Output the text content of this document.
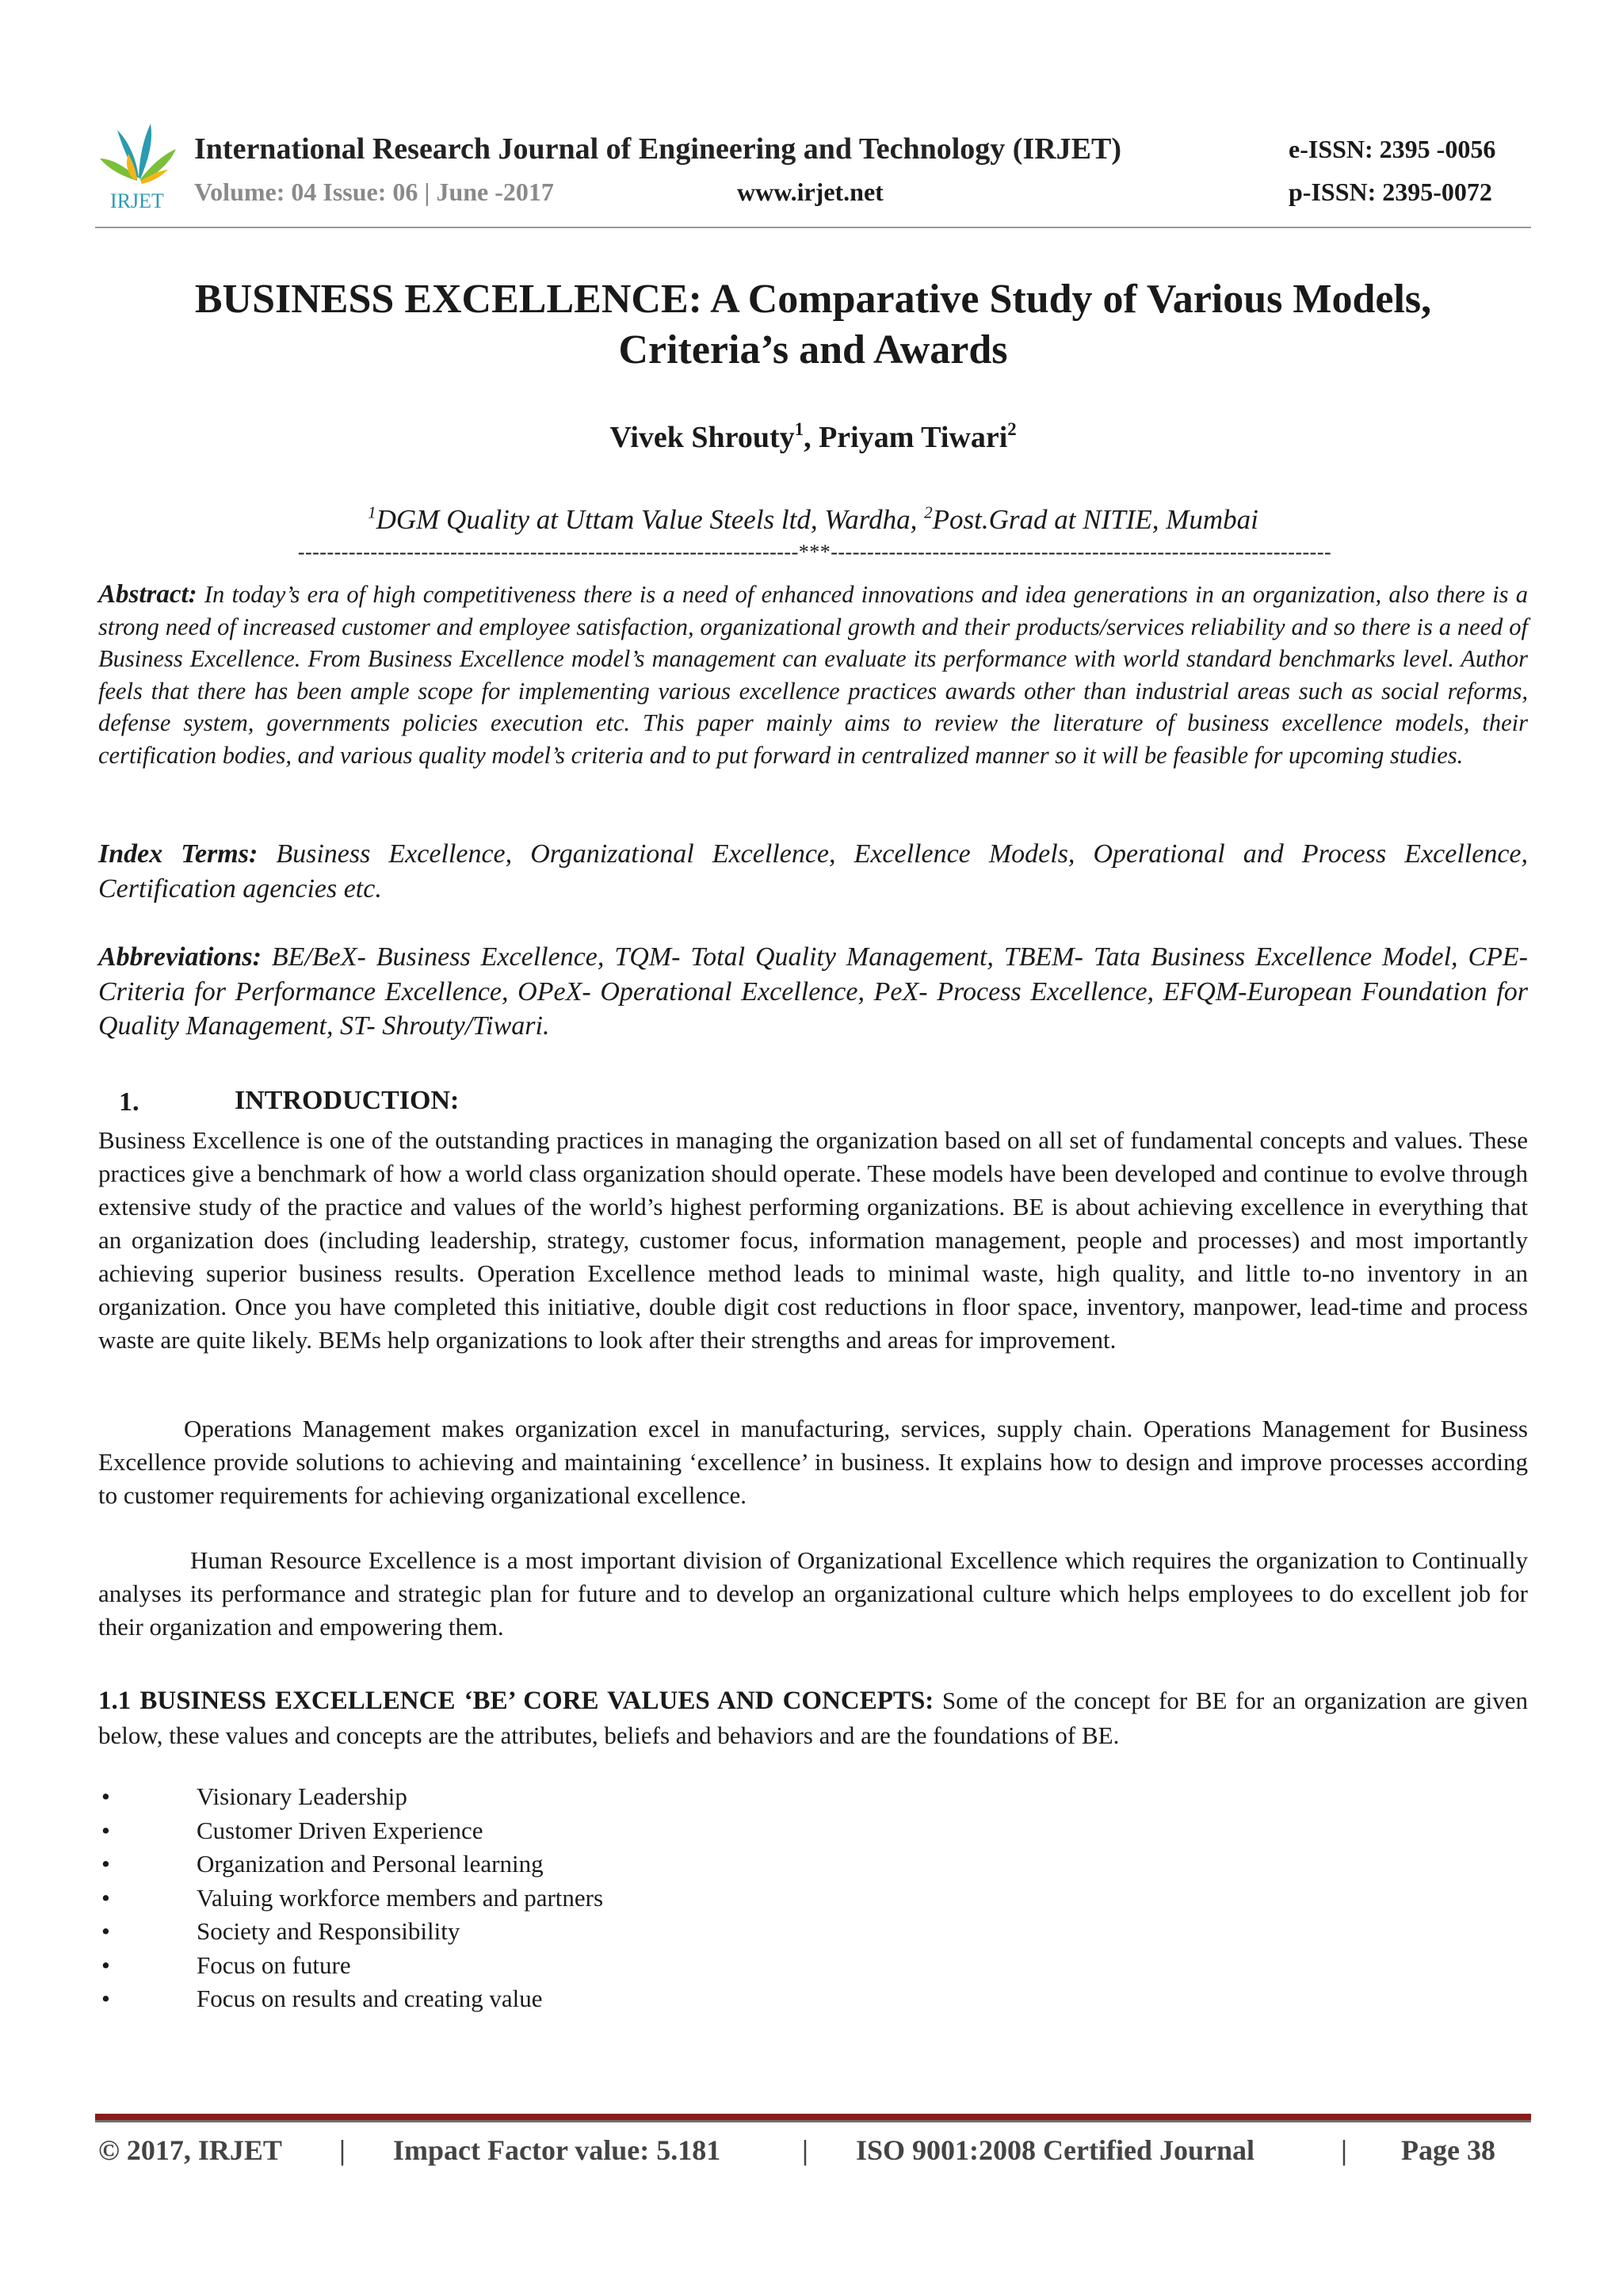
IRJET
International Research Journal of Engineering and Technology (IRJET)	e-ISSN: 2395 -0056
Volume: 04 Issue: 06 | June -2017	www.irjet.net	p-ISSN: 2395-0072
BUSINESS EXCELLENCE: A Comparative Study of Various Models,
Criteria’s and Awards
Vivek Shrouty$^1$, Priyam Tiwari$^2$
$^1$DGM Quality at Uttam Value Steels ltd, Wardha, $^2$Post.Grad at NITIE, Mumbai
---------------------------------------------------------------------***---------------------------------------------------------------------
Abstract: In today’s era of high competitiveness there is a need of enhanced innovations and idea generations in an organization, also there is a strong need of increased customer and employee satisfaction, organizational growth and their products/services reliability and so there is a need of Business Excellence. From Business Excellence model’s management can evaluate its performance with world standard benchmarks level. Author feels that there has been ample scope for implementing various excellence practices awards other than industrial areas such as social reforms, defense system, governments policies execution etc. This paper mainly aims to review the literature of business excellence models, their certification bodies, and various quality model’s criteria and to put forward in centralized manner so it will be feasible for upcoming studies.
Index Terms: Business Excellence, Organizational Excellence, Excellence Models, Operational and Process Excellence, Certification agencies etc.
Abbreviations: BE/BeX- Business Excellence, TQM- Total Quality Management, TBEM- Tata Business Excellence Model, CPE- Criteria for Performance Excellence, OPeX- Operational Excellence, PeX- Process Excellence, EFQM-European Foundation for Quality Management, ST- Shrouty/Tiwari.
1.	INTRODUCTION:
Business Excellence is one of the outstanding practices in managing the organization based on all set of fundamental concepts and values. These practices give a benchmark of how a world class organization should operate. These models have been developed and continue to evolve through extensive study of the practice and values of the world’s highest performing organizations. BE is about achieving excellence in everything that an organization does (including leadership, strategy, customer focus, information management, people and processes) and most importantly achieving superior business results. Operation Excellence method leads to minimal waste, high quality, and little to-no inventory in an organization. Once you have completed this initiative, double digit cost reductions in floor space, inventory, manpower, lead-time and process waste are quite likely. BEMs help organizations to look after their strengths and areas for improvement.
Operations Management makes organization excel in manufacturing, services, supply chain. Operations Management for Business Excellence provide solutions to achieving and maintaining ‘excellence’ in business. It explains how to design and improve processes according to customer requirements for achieving organizational excellence.
Human Resource Excellence is a most important division of Organizational Excellence which requires the organization to Continually analyses its performance and strategic plan for future and to develop an organizational culture which helps employees to do excellent job for their organization and empowering them.
1.1 BUSINESS EXCELLENCE ‘BE’ CORE VALUES AND CONCEPTS: Some of the concept for BE for an organization are given below, these values and concepts are the attributes, beliefs and behaviors and are the foundations of BE.
•	Visionary Leadership
•	Customer Driven Experience
•	Organization and Personal learning
•	Valuing workforce members and partners
•	Society and Responsibility
•	Focus on future
•	Focus on results and creating value
© 2017, IRJET | Impact Factor value: 5.181	| ISO 9001:2008 Certified Journal	| Page 38
